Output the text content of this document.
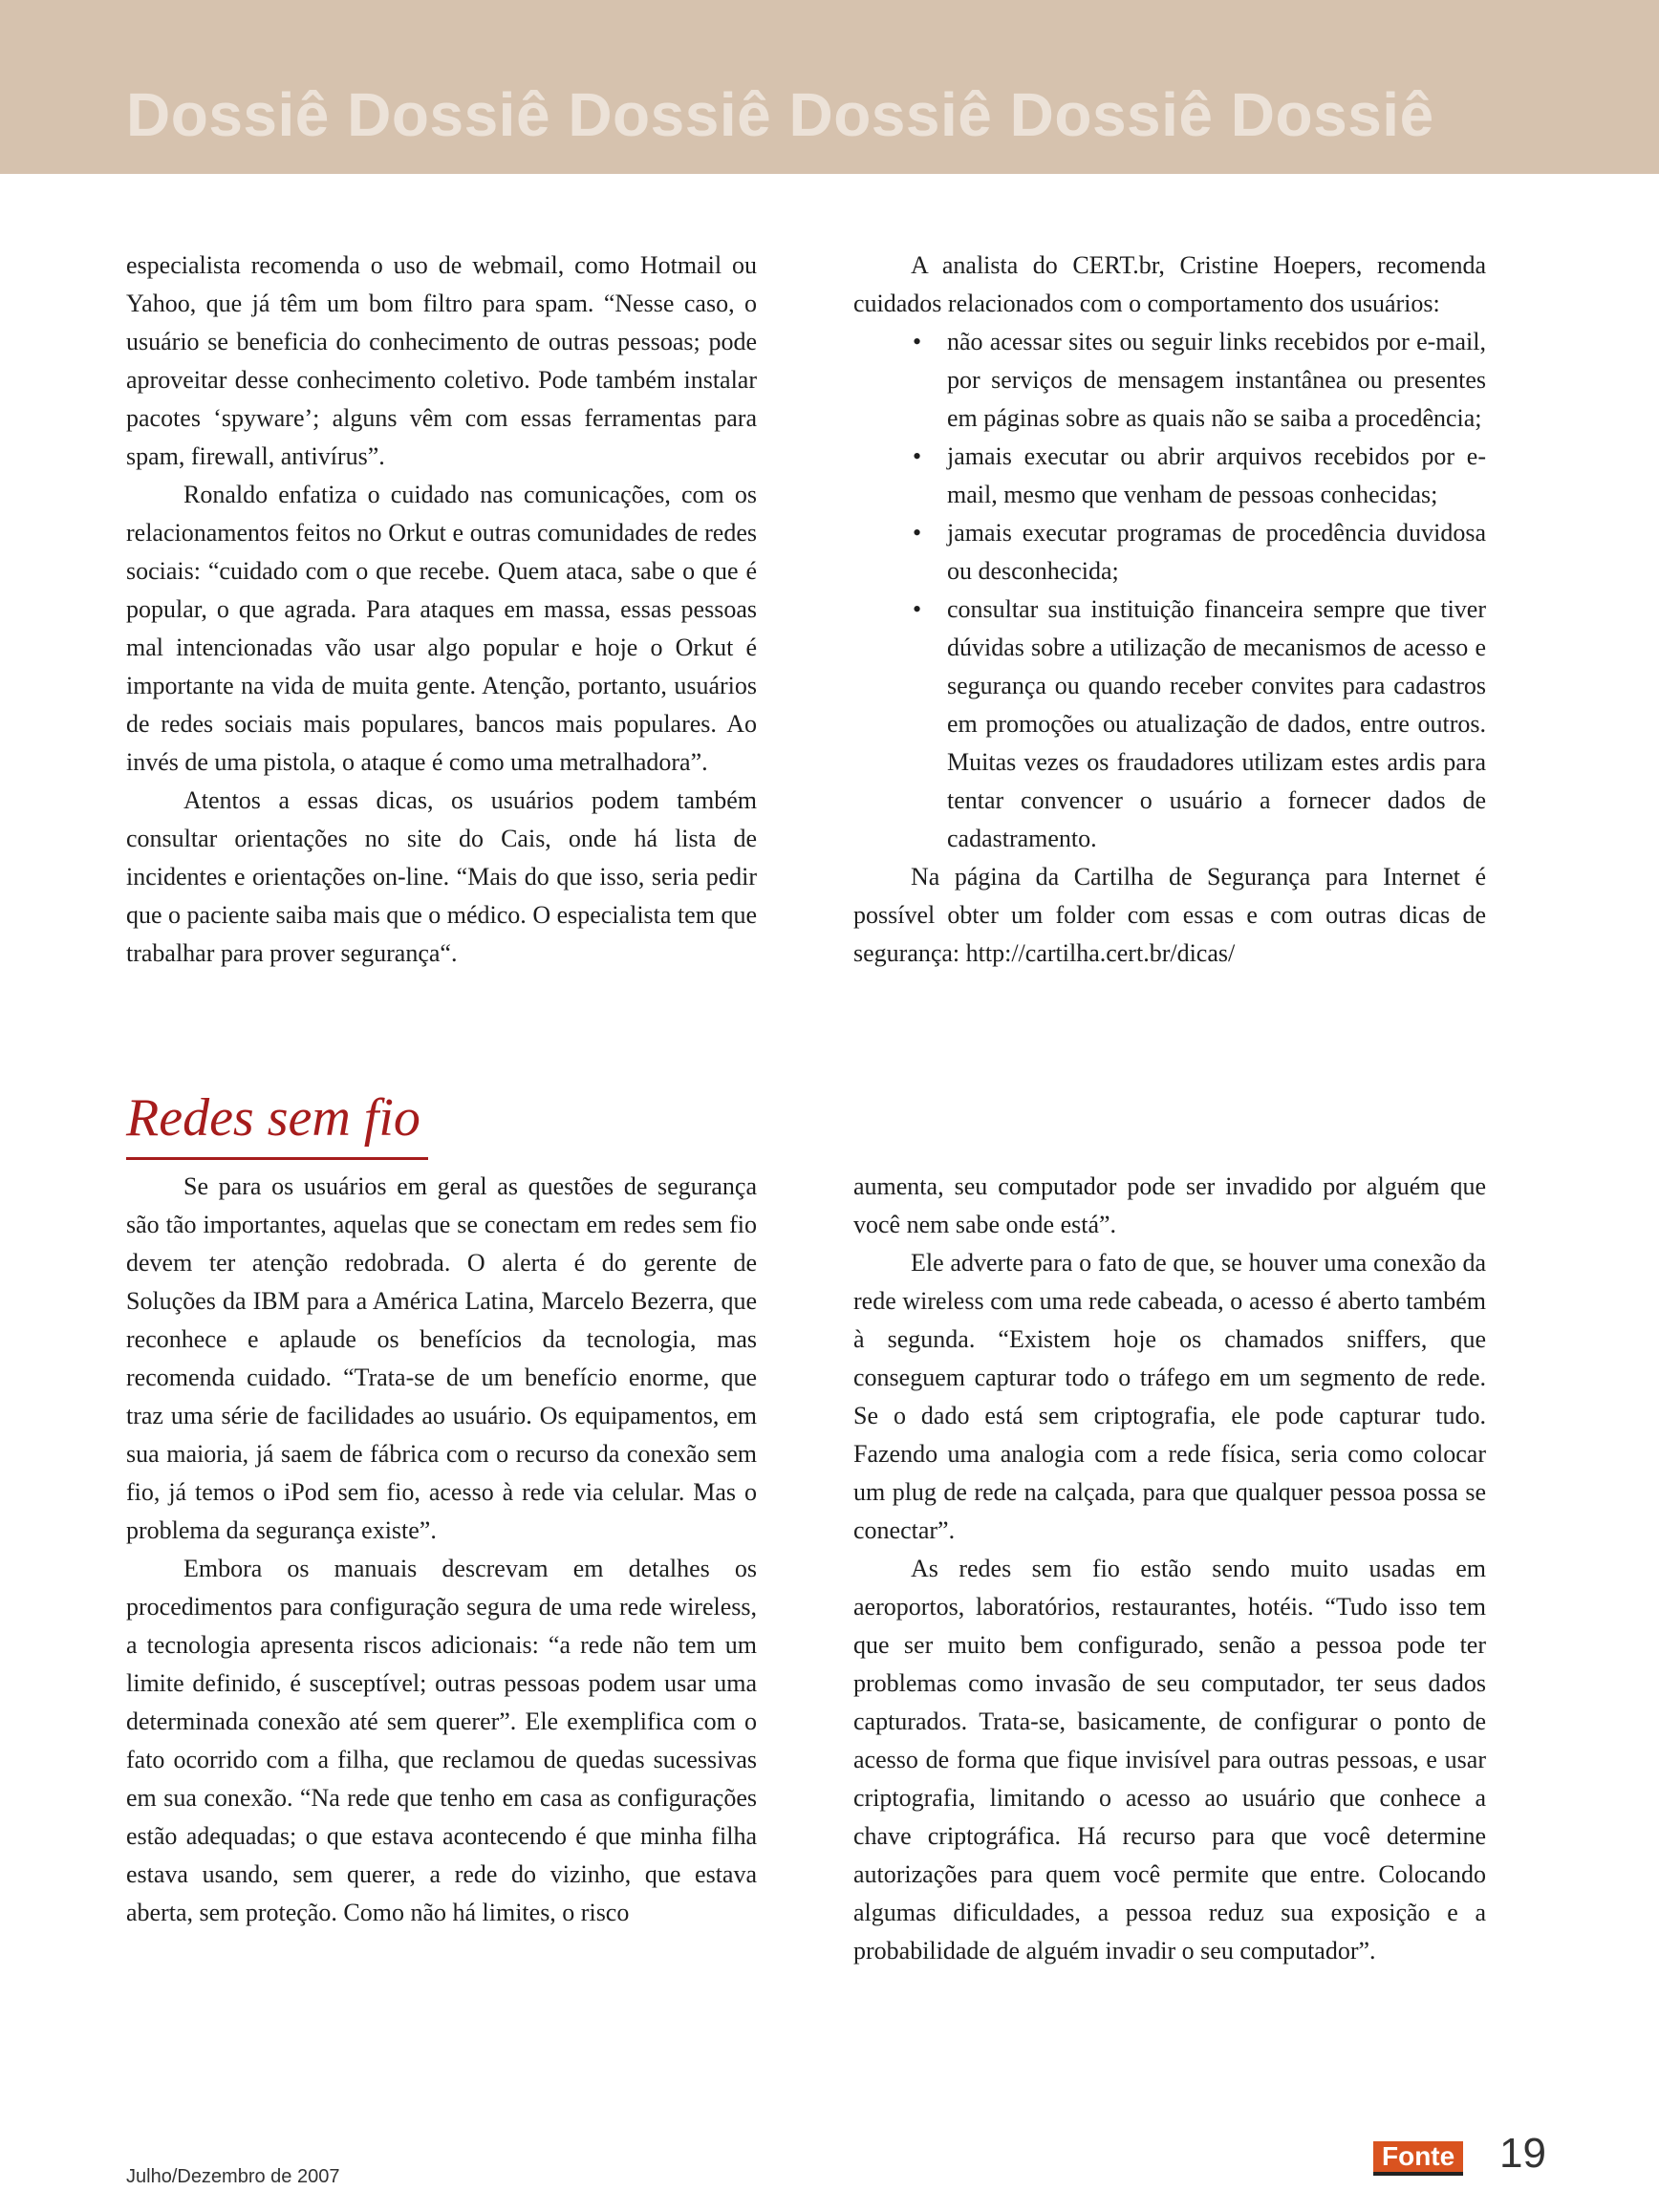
Dossiê Dossiê Dossiê Dossiê Dossiê Dossiê

especialista recomenda o uso de webmail, como Hotmail ou Yahoo, que já têm um bom filtro para spam. “Nesse caso, o usuário se beneficia do conhecimento de outras pessoas; pode aproveitar desse conhecimento coletivo. Pode também instalar pacotes ‘spyware’; alguns vêm com essas ferramentas para spam, firewall, antivírus”.

Ronaldo enfatiza o cuidado nas comunicações, com os relacionamentos feitos no Orkut e outras comunidades de redes sociais: “cuidado com o que recebe. Quem ataca, sabe o que é popular, o que agrada. Para ataques em massa, essas pessoas mal intencionadas vão usar algo popular e hoje o Orkut é importante na vida de muita gente. Atenção, portanto, usuários de redes sociais mais populares, bancos mais populares. Ao invés de uma pistola, o ataque é como uma metralhadora”.

Atentos a essas dicas, os usuários podem também consultar orientações no site do Cais, onde há lista de incidentes e orientações on-line. “Mais do que isso, seria pedir que o paciente saiba mais que o médico. O especialista tem que trabalhar para prover segurança“.

A analista do CERT.br, Cristine Hoepers, recomenda cuidados relacionados com o comportamento dos usuários:

• não acessar sites ou seguir links recebidos por e-mail, por serviços de mensagem instantânea ou presentes em páginas sobre as quais não se saiba a procedência;
• jamais executar ou abrir arquivos recebidos por e-mail, mesmo que venham de pessoas conhecidas;
• jamais executar programas de procedência duvidosa ou desconhecida;
• consultar sua instituição financeira sempre que tiver dúvidas sobre a utilização de mecanismos de acesso e segurança ou quando receber convites para cadastros em promoções ou atualização de dados, entre outros. Muitas vezes os fraudadores utilizam estes ardis para tentar convencer o usuário a fornecer dados de cadastramento.

Na página da Cartilha de Segurança para Internet é possível obter um folder com essas e com outras dicas de segurança: http://cartilha.cert.br/dicas/

Redes sem fio

Se para os usuários em geral as questões de segurança são tão importantes, aquelas que se conectam em redes sem fio devem ter atenção redobrada. O alerta é do gerente de Soluções da IBM para a América Latina, Marcelo Bezerra, que reconhece e aplaude os benefícios da tecnologia, mas recomenda cuidado. “Trata-se de um benefício enorme, que traz uma série de facilidades ao usuário. Os equipamentos, em sua maioria, já saem de fábrica com o recurso da conexão sem fio, já temos o iPod sem fio, acesso à rede via celular. Mas o problema da segurança existe”.

Embora os manuais descrevam em detalhes os procedimentos para configuração segura de uma rede wireless, a tecnologia apresenta riscos adicionais: “a rede não tem um limite definido, é susceptível; outras pessoas podem usar uma determinada conexão até sem querer”. Ele exemplifica com o fato ocorrido com a filha, que reclamou de quedas sucessivas em sua conexão. “Na rede que tenho em casa as configurações estão adequadas; o que estava acontecendo é que minha filha estava usando, sem querer, a rede do vizinho, que estava aberta, sem proteção. Como não há limites, o risco

aumenta, seu computador pode ser invadido por alguém que você nem sabe onde está”.

Ele adverte para o fato de que, se houver uma conexão da rede wireless com uma rede cabeada, o acesso é aberto também à segunda. “Existem hoje os chamados sniffers, que conseguem capturar todo o tráfego em um segmento de rede. Se o dado está sem criptografia, ele pode capturar tudo. Fazendo uma analogia com a rede física, seria como colocar um plug de rede na calçada, para que qualquer pessoa possa se conectar”.

As redes sem fio estão sendo muito usadas em aeroportos, laboratórios, restaurantes, hotéis. “Tudo isso tem que ser muito bem configurado, senão a pessoa pode ter problemas como invasão de seu computador, ter seus dados capturados. Trata-se, basicamente, de configurar o ponto de acesso de forma que fique invisível para outras pessoas, e usar criptografia, limitando o acesso ao usuário que conhece a chave criptográfica. Há recurso para que você determine autorizações para quem você permite que entre. Colocando algumas dificuldades, a pessoa reduz sua exposição e a probabilidade de alguém invadir o seu computador”.

Julho/Dezembro de 2007
Fonte 19
